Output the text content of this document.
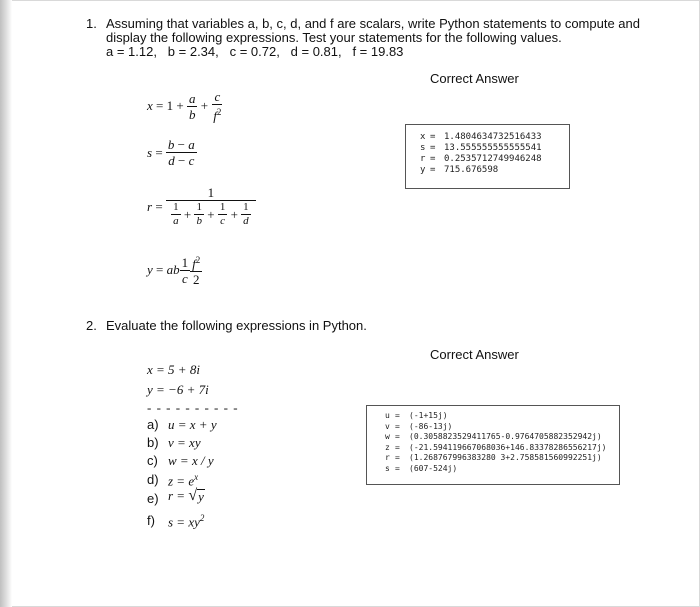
1. Assuming that variables a, b, c, d, and f are scalars, write Python statements to compute and
display the following expressions. Test your statements for the following values.
a = 1.12,   b = 2.34,   c = 0.72,   d = 0.81,   f = 19.83
Correct Answer
$x = 1 + \frac{a}{b} + \frac{c}{f^2}$
$s = \frac{b - a}{d - c}$
$r = \frac{1}{\frac{1}{a} + \frac{1}{b} + \frac{1}{c} + \frac{1}{d}}$
y = ab $\frac{1}{c} \frac{f^2}{2}$
x = 1.4804634732516433
s = 13.555555555555541
r = 0.2535712749946248
y = 715.676598
2. Evaluate the following expressions in Python.
Correct Answer
x = 5 + 8i
y = −6 + 7i
- - - - - - - - - -
a) u = x + y
b) v = xy
c) w = x / y
d) $z = e^x$
e) r =
√ y
f) $s = xy^2$
u = (-1+15j)
v = (-86-13j)
w = (0.3058823529411765-0.9764705882352942j)
z = (-21.594119667068036+146.83378286556217j)
r = (1.268767996383280 3+2.758581560992251j)
s = (607-524j)
